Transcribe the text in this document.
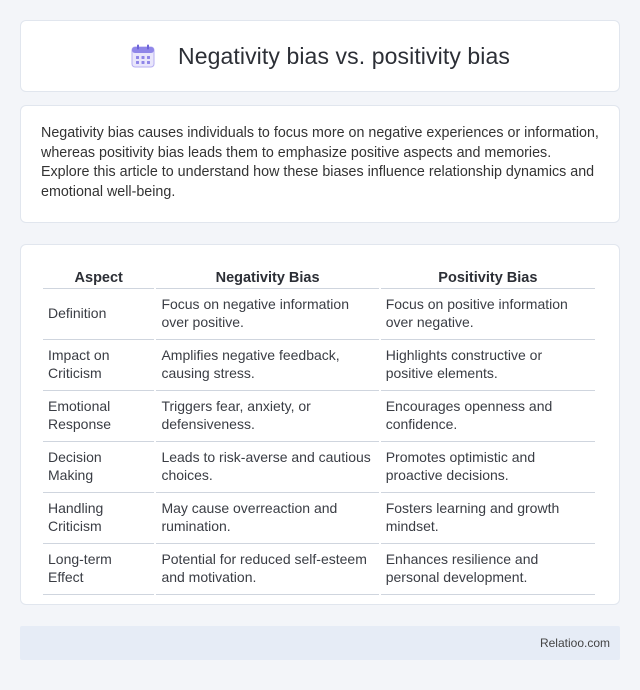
Negativity bias vs. positivity bias

Negativity bias causes individuals to focus more on negative experiences or information, whereas positivity bias leads them to emphasize positive aspects and memories. Explore this article to understand how these biases influence relationship dynamics and emotional well-being.

Aspect	Negativity Bias	Positivity Bias
Definition	Focus on negative information over positive.	Focus on positive information over negative.
Impact on Criticism	Amplifies negative feedback, causing stress.	Highlights constructive or positive elements.
Emotional Response	Triggers fear, anxiety, or defensiveness.	Encourages openness and confidence.
Decision Making	Leads to risk-averse and cautious choices.	Promotes optimistic and proactive decisions.
Handling Criticism	May cause overreaction and rumination.	Fosters learning and growth mindset.
Long-term Effect	Potential for reduced self-esteem and motivation.	Enhances resilience and personal development.
Relatioo.com
